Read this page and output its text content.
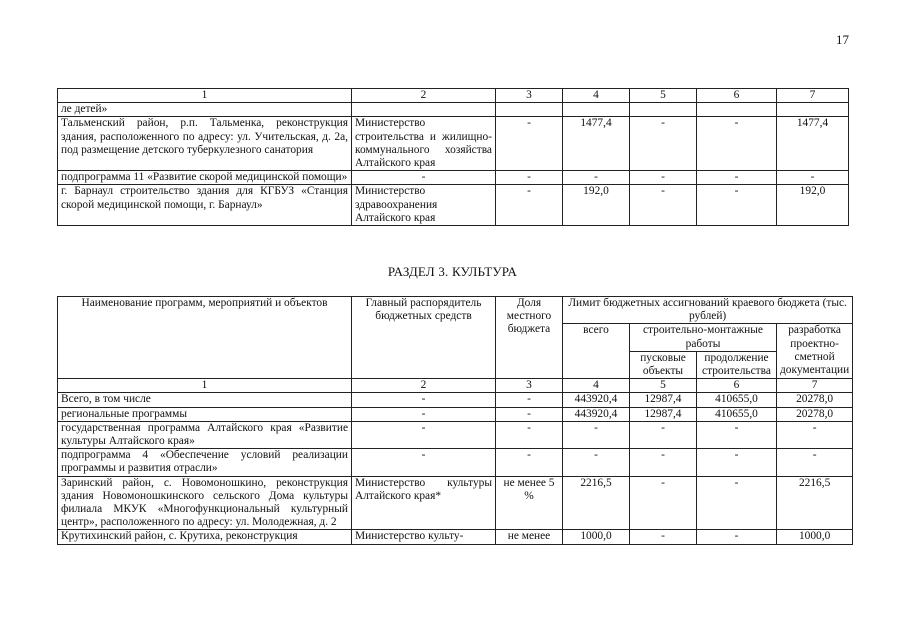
17
1	2	3	4	5	6	7
ле детей»						
Тальменский район, р.п. Тальменка, реконструкция здания, расположенного по адресу: ул. Учительская, д. 2а, под размещение детского туберкулезного санатория	Министерство строительства и жилищно-коммунального хозяйства Алтайского края	-	1477,4	-	-	1477,4
подпрограмма 11 «Развитие скорой медицинской помощи»	-	-	-	-	-	-
г. Барнаул строительство здания для КГБУЗ «Станция скорой медицинской помощи, г. Барнаул»	Министерство здравоохранения Алтайского края	-	192,0	-	-	192,0
РАЗДЕЛ 3. КУЛЬТУРА
Наименование программ, мероприятий и объектов	Главный распорядитель бюджетных средств	Доля местного бюджета	Лимит бюджетных ассигнований краевого бюджета (тыс. рублей)			
			всего	строительно-монтажные работы		разработка проектно-сметной документации
				пусковые объекты	продолжение строительства	

1	2	3	4	5	6	7
Всего, в том числе	-	-	443920,4	12987,4	410655,0	20278,0
региональные программы	-	-	443920,4	12987,4	410655,0	20278,0
государственная программа Алтайского края «Развитие культуры Алтайского края»	-	-	-	-	-	-
подпрограмма 4 «Обеспечение условий реализации программы и развития отрасли»	-	-	-	-	-	-
Заринский район, с. Новомоношкино, реконструкция здания Новомоношкинского сельского Дома культуры филиала МКУК «Многофункциональный культурный центр», расположенного по адресу: ул. Молодежная, д. 2	Министерство культуры Алтайского края*	не менее 5 %	2216,5	-	-	2216,5
Крутихинский район, с. Крутиха, реконструкция	Министерство культу-	не менее	1000,0	-	-	1000,0
